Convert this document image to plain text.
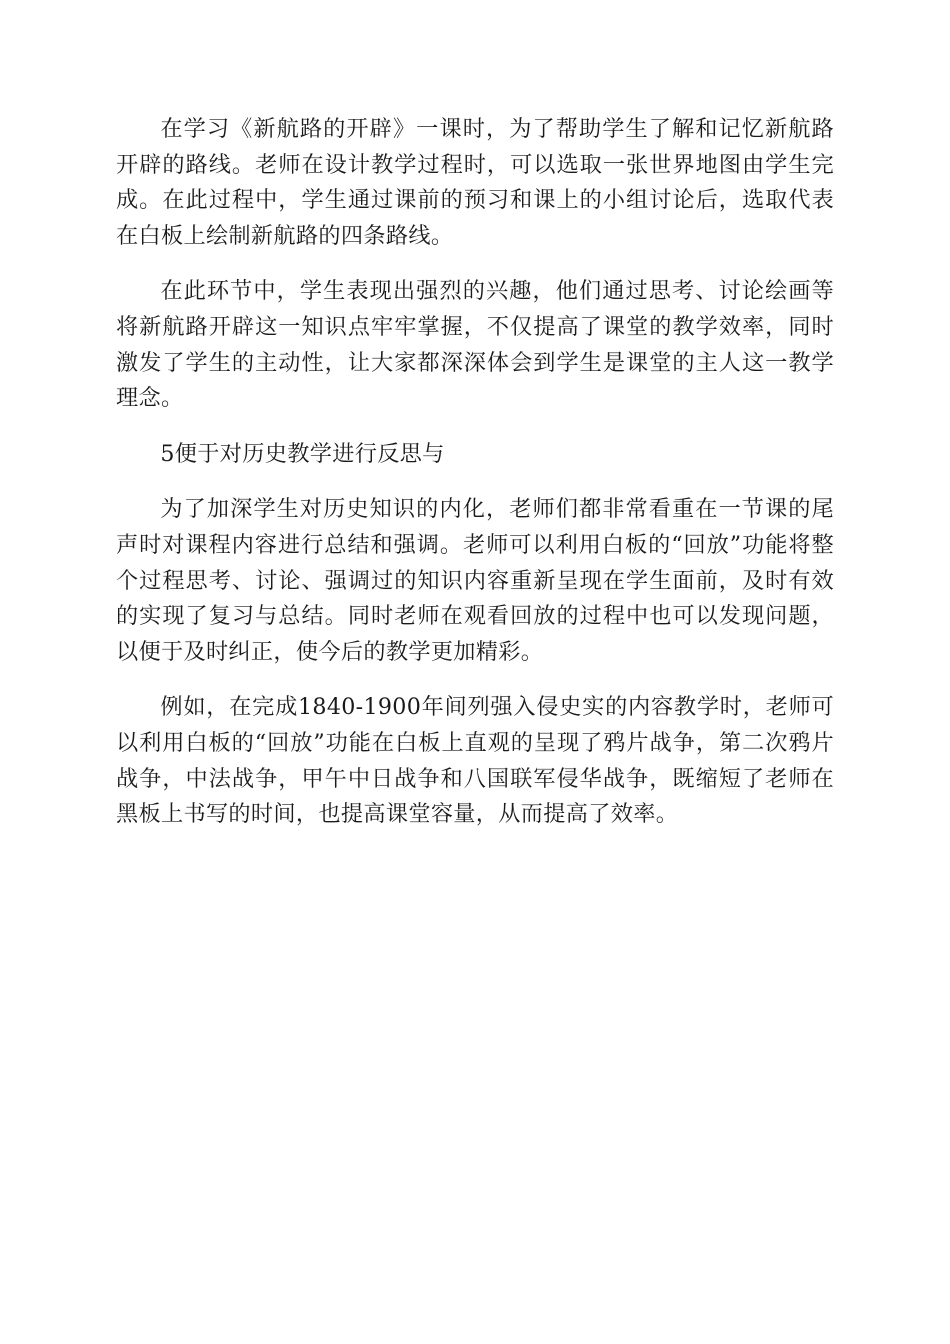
在学习《新航路的开辟》一课时，为了帮助学生了解和记忆新航路开辟的路线。老师在设计教学过程时，可以选取一张世界地图由学生完成。在此过程中，学生通过课前的预习和课上的小组讨论后，选取代表在白板上绘制新航路的四条路线。

在此环节中，学生表现出强烈的兴趣，他们通过思考、讨论绘画等将新航路开辟这一知识点牢牢掌握，不仅提高了课堂的教学效率，同时激发了学生的主动性，让大家都深深体会到学生是课堂的主人这一教学理念。

5便于对历史教学进行反思与

为了加深学生对历史知识的内化，老师们都非常看重在一节课的尾声时对课程内容进行总结和强调。老师可以利用白板的“回放”功能将整个过程思考、讨论、强调过的知识内容重新呈现在学生面前，及时有效的实现了复习与总结。同时老师在观看回放的过程中也可以发现问题，以便于及时纠正，使今后的教学更加精彩。

例如，在完成1840-1900年间列强入侵史实的内容教学时，老师可以利用白板的“回放”功能在白板上直观的呈现了鸦片战争，第二次鸦片战争，中法战争，甲午中日战争和八国联军侵华战争，既缩短了老师在黑板上书写的时间，也提高课堂容量，从而提高了效率。
